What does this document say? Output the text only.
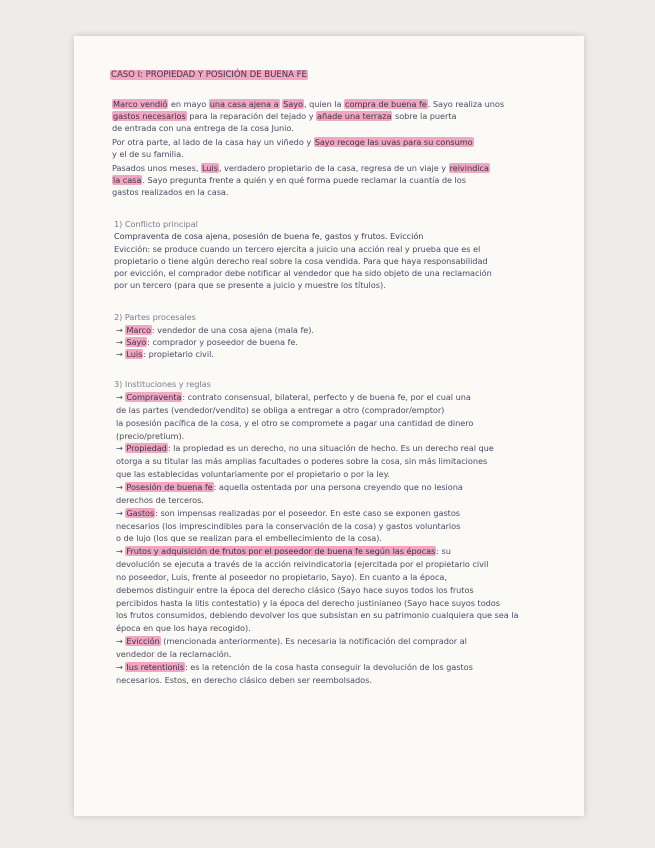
CASO I: PROPIEDAD Y POSICIÓN DE BUENA FE
Marco vendió en mayo una casa ajena a Sayo, quien la compra de buena fe. Sayo realiza unos
gastos necesarios para la reparación del tejado y añade una terraza sobre la puerta
de entrada con una entrega de la cosa Junio.
Por otra parte, al lado de la casa hay un viñedo y Sayo recoge las uvas para su consumo
y el de su familia.
Pasados unos meses, Luis, verdadero propietario de la casa, regresa de un viaje y reivindica
la casa. Sayo pregunta frente a quién y en qué forma puede reclamar la cuantía de los
gastos realizados en la casa.
1) Conflicto principal
Compraventa de cosa ajena, posesión de buena fe, gastos y frutos. Evicción
Evicción: se produce cuando un tercero ejercita a juicio una acción real y prueba que es el
propietario o tiene algún derecho real sobre la cosa vendida. Para que haya responsabilidad
por evicción, el comprador debe notificar al vendedor que ha sido objeto de una reclamación
por un tercero (para que se presente a juicio y muestre los títulos).
2) Partes procesales
→ Marco: vendedor de una cosa ajena (mala fe).
→ Sayo: comprador y poseedor de buena fe.
→ Luis: propietario civil.
3) Instituciones y reglas
→ Compraventa: contrato consensual, bilateral, perfecto y de buena fe, por el cual una
de las partes (vendedor/vendito) se obliga a entregar a otro (comprador/emptor)
la posesión pacífica de la cosa, y el otro se compromete a pagar una cantidad de dinero
(precio/pretium).
→ Propiedad: la propiedad es un derecho, no una situación de hecho. Es un derecho real que
otorga a su titular las más amplias facultades o poderes sobre la cosa, sin más limitaciones
que las establecidas voluntariamente por el propietario o por la ley.
→ Posesión de buena fe: aquella ostentada por una persona creyendo que no lesiona
derechos de terceros.
→ Gastos: son impensas realizadas por el poseedor. En este caso se exponen gastos
necesarios (los imprescindibles para la conservación de la cosa) y gastos voluntarios
o de lujo (los que se realizan para el embellecimiento de la cosa).
→ Frutos y adquisición de frutos por el poseedor de buena fe según las épocas: su
devolución se ejecuta a través de la acción reivindicatoria (ejercitada por el propietario civil
no poseedor, Luis, frente al poseedor no propietario, Sayo). En cuanto a la época,
debemos distinguir entre la época del derecho clásico (Sayo hace suyos todos los frutos
percibidos hasta la litis contestatio) y la época del derecho justinianeo (Sayo hace suyos todos
los frutos consumidos, debiendo devolver los que subsistan en su patrimonio cualquiera que sea la
época en que los haya recogido).
→ Evicción (mencionada anteriormente). Es necesaria la notificación del comprador al
vendedor de la reclamación.
→ Ius retentionis: es la retención de la cosa hasta conseguir la devolución de los gastos
necesarios. Estos, en derecho clásico deben ser reembolsados.
